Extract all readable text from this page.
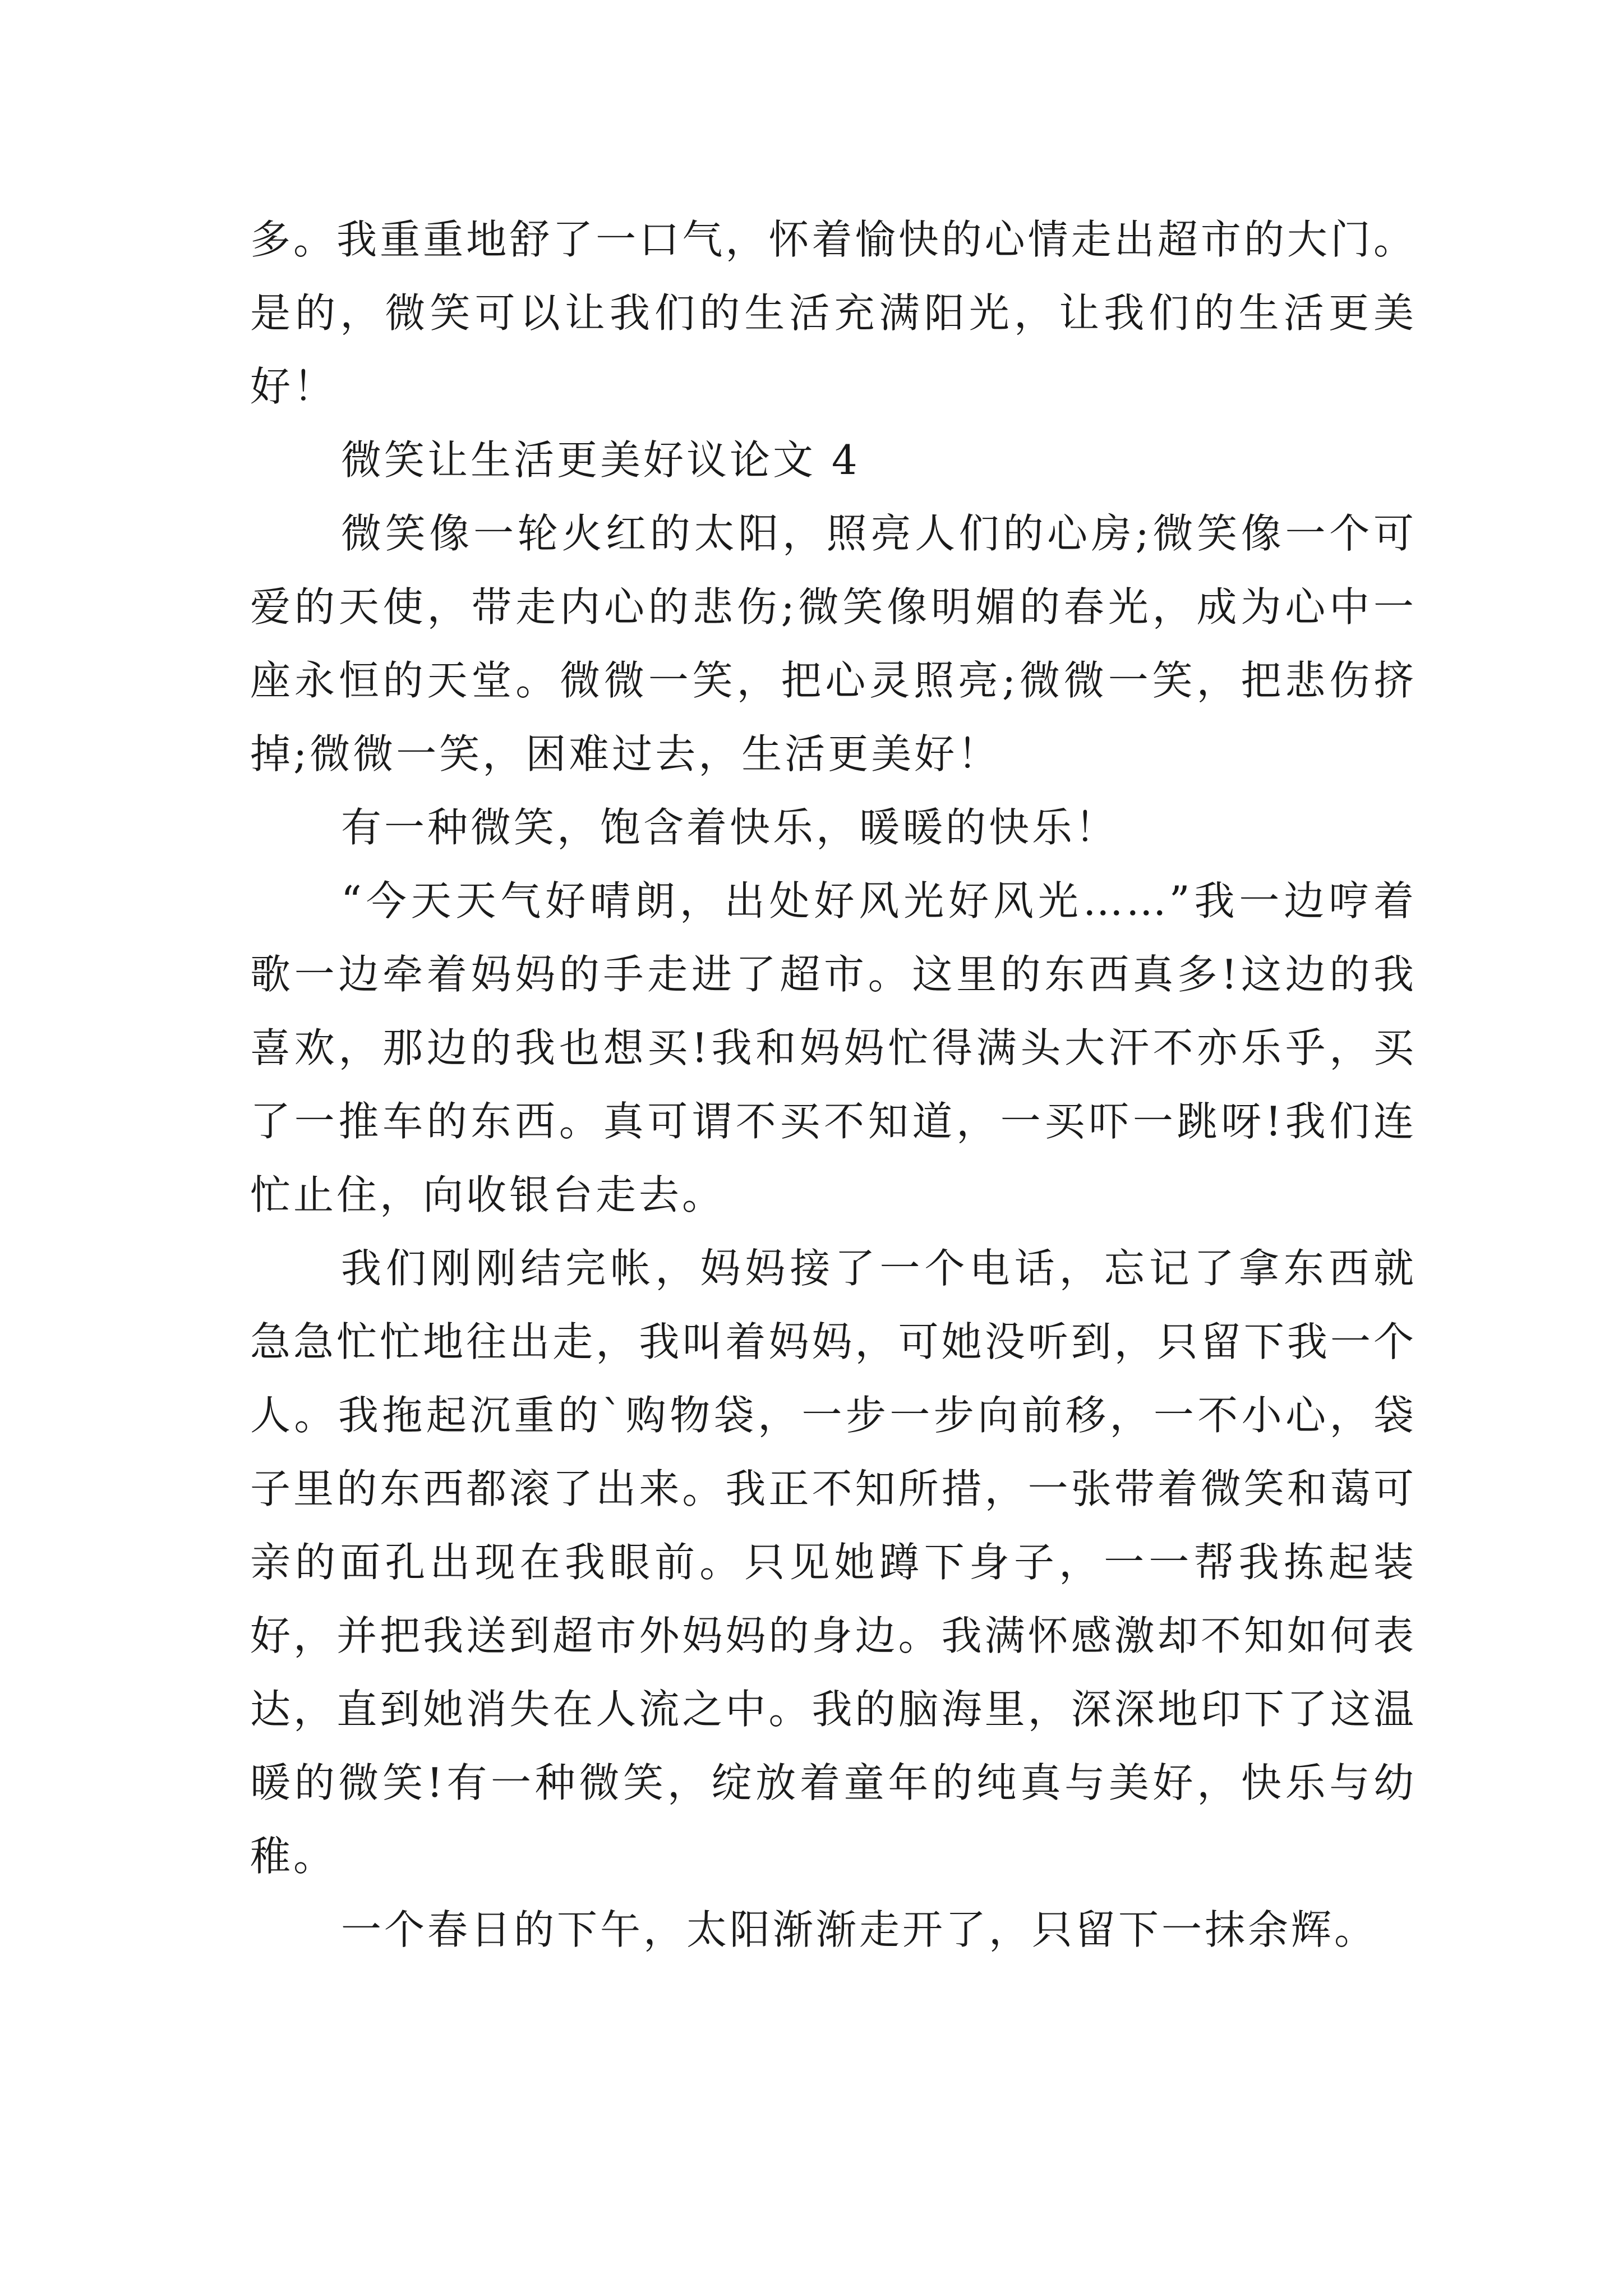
多。我重重地舒了一口气，怀着愉快的心情走出超市的大门。是的，微笑可以让我们的生活充满阳光，让我们的生活更美好！

微笑让生活更美好议论文 4

微笑像一轮火红的太阳，照亮人们的心房;微笑像一个可爱的天使，带走内心的悲伤;微笑像明媚的春光，成为心中一座永恒的天堂。微微一笑，把心灵照亮;微微一笑，把悲伤挤掉;微微一笑，困难过去，生活更美好！

有一种微笑，饱含着快乐，暖暖的快乐！

“今天天气好晴朗，出处好风光好风光……”我一边哼着歌一边牵着妈妈的手走进了超市。这里的东西真多!这边的我喜欢，那边的我也想买!我和妈妈忙得满头大汗不亦乐乎，买了一推车的东西。真可谓不买不知道，一买吓一跳呀!我们连忙止住，向收银台走去。

我们刚刚结完帐，妈妈接了一个电话，忘记了拿东西就急急忙忙地往出走，我叫着妈妈，可她没听到，只留下我一个人。我拖起沉重的`购物袋，一步一步向前移，一不小心，袋子里的东西都滚了出来。我正不知所措，一张带着微笑和蔼可亲的面孔出现在我眼前。只见她蹲下身子，一一帮我拣起装好，并把我送到超市外妈妈的身边。我满怀感激却不知如何表达，直到她消失在人流之中。我的脑海里，深深地印下了这温暖的微笑!有一种微笑，绽放着童年的纯真与美好，快乐与幼稚。

一个春日的下午，太阳渐渐走开了，只留下一抹余辉。
